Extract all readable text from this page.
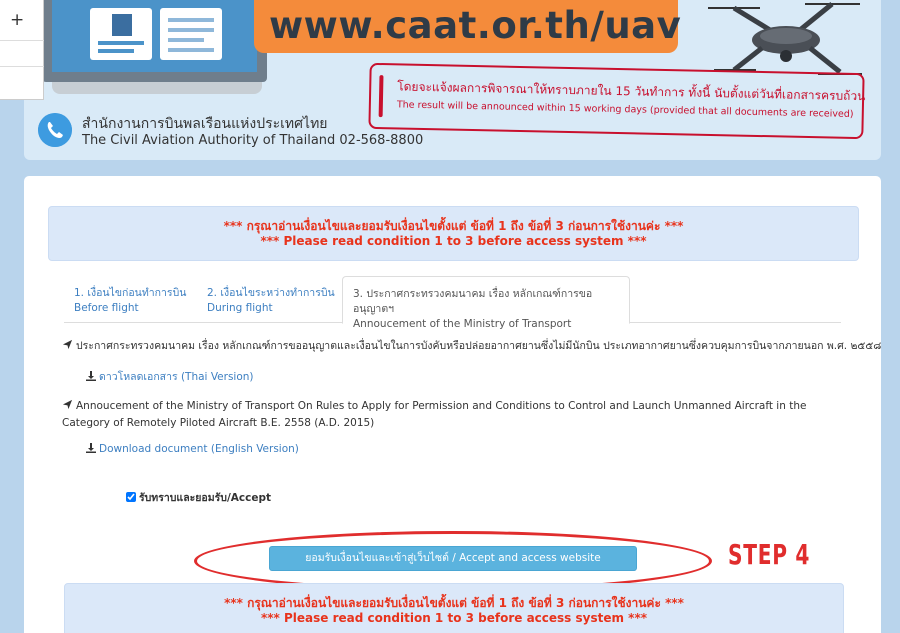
www.caat.or.th/uav
โดยจะแจ้งผลการพิจารณาให้ทราบภายใน 15 วันทำการ ทั้งนี้ นับตั้งแต่วันที่เอกสารครบถ้วน
The result will be announced within 15 working days (provided that all documents are received)
สำนักงานการบินพลเรือนแห่งประเทศไทย
The Civil Aviation Authority of Thailand 02-568-8800
+
*** กรุณาอ่านเงื่อนไขและยอมรับเงื่อนไขตั้งแต่ ข้อที่ 1 ถึง ข้อที่ 3 ก่อนการใช้งานค่ะ ***
*** Please read condition 1 to 3 before access system ***
1. เงื่อนไขก่อนทำการบิน
Before flight
2. เงื่อนไขระหว่างทำการบิน
During flight
3. ประกาศกระทรวงคมนาคม เรื่อง หลักเกณฑ์การขออนุญาตฯ
Annoucement of the Ministry of Transport
ประกาศกระทรวงคมนาคม เรื่อง หลักเกณฑ์การขออนุญาตและเงื่อนไขในการบังคับหรือปล่อยอากาศยานซึ่งไม่มีนักบิน ประเภทอากาศยานซึ่งควบคุมการบินจากภายนอก พ.ศ. ๒๕๕๘
ดาวโหลดเอกสาร (Thai Version)
Annoucement of the Ministry of Transport On Rules to Apply for Permission and Conditions to Control and Launch Unmanned Aircraft in the Category of Remotely Piloted Aircraft B.E. 2558 (A.D. 2015)
Download document (English Version)
รับทราบและยอมรับ/Accept
ยอมรับเงื่อนไขและเข้าสู่เว็บไซต์ / Accept and access website	STEP 4
*** กรุณาอ่านเงื่อนไขและยอมรับเงื่อนไขตั้งแต่ ข้อที่ 1 ถึง ข้อที่ 3 ก่อนการใช้งานค่ะ ***
*** Please read condition 1 to 3 before access system ***
